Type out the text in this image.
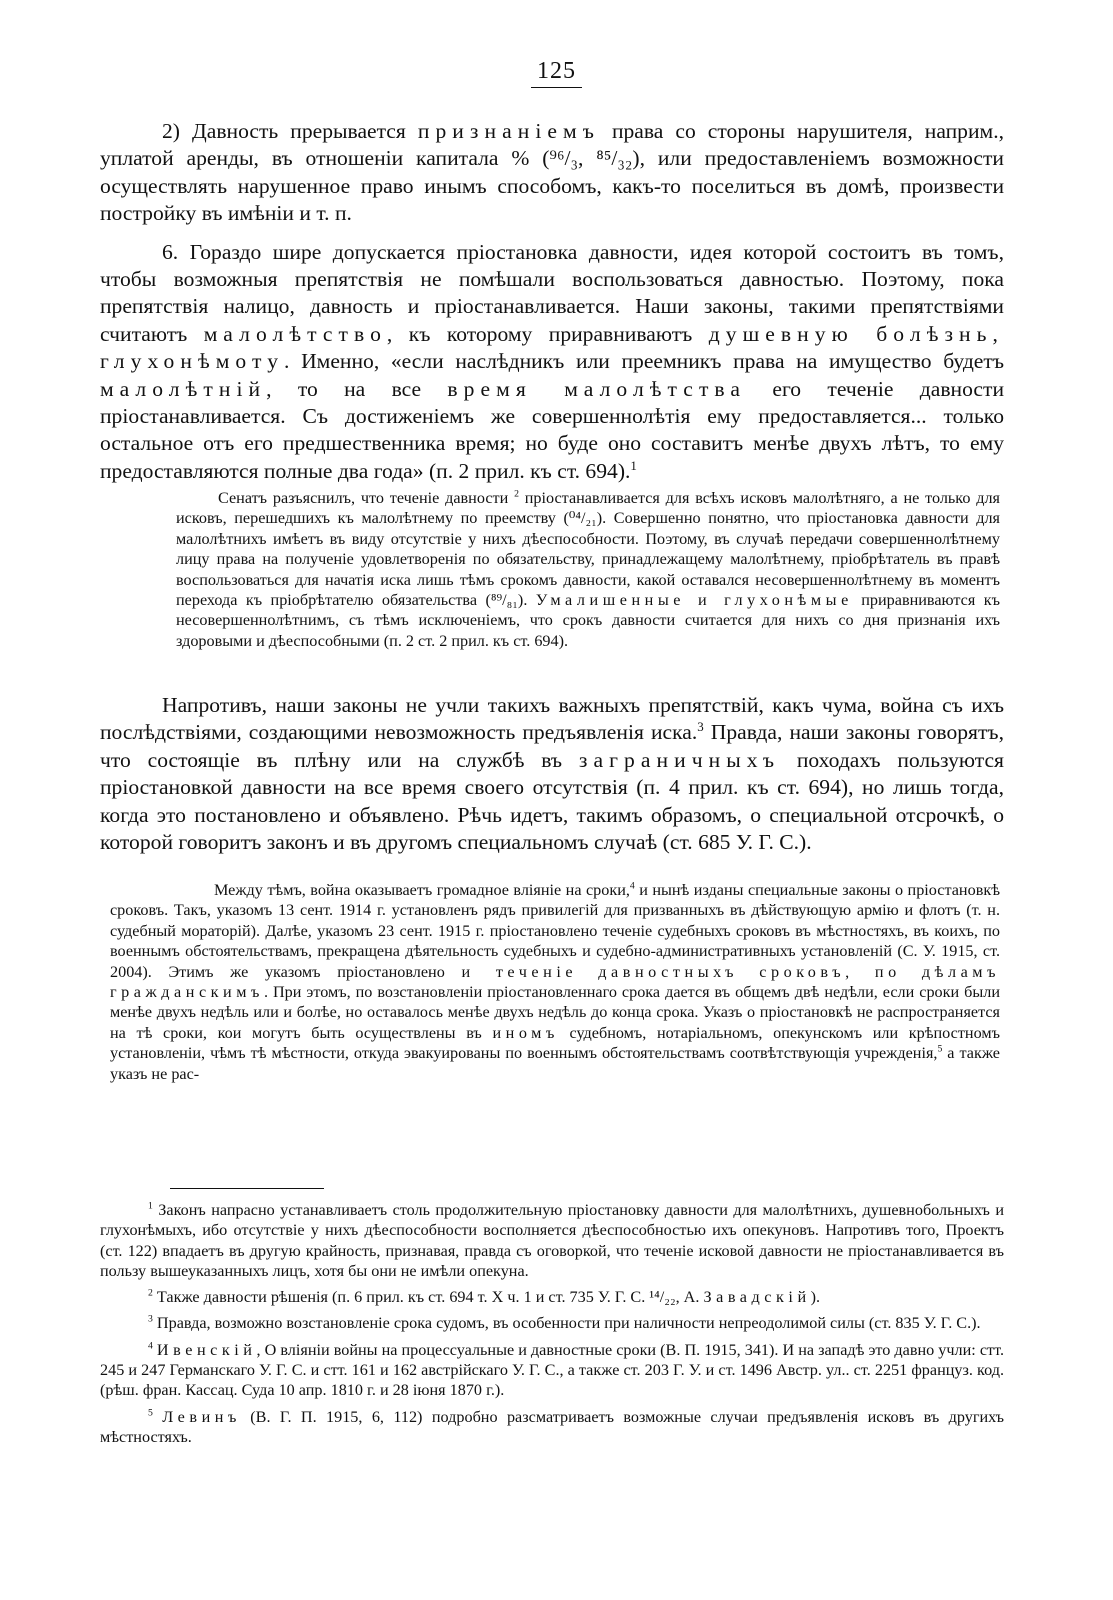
125

2) Давность прерывается признаніемъ права со стороны нарушителя, наприм., уплатой аренды, въ отношеніи капитала % (⁹⁶/₃, ⁸⁵/₃₂), или предоставленіемъ возможности осуществлять нарушенное право инымъ способомъ, какъ-то поселиться въ домѣ, произвести постройку въ имѣніи и т. п.

6. Гораздо шире допускается пріостановка давности, идея которой состоитъ въ томъ, чтобы возможныя препятствія не помѣшали воспользоваться давностью. Поэтому, пока препятствія налицо, давность и пріостанавливается. Наши законы, такими препятствіями считаютъ малолѣтство, къ которому приравниваютъ душевную болѣзнь, глухонѣмоту. Именно, «если наслѣдникъ или преемникъ права на имущество будетъ малолѣтній, то на все время малолѣтства его теченіе давности пріостанавливается. Съ достиженіемъ же совершеннолѣтія ему предоставляется... только остальное отъ его предшественника время; но буде оно составитъ менѣе двухъ лѣтъ, то ему предоставляются полные два года» (п. 2 прил. къ ст. 694).$^1$

Сенатъ разъяснилъ, что теченіе давности $^2$ пріостанавливается для всѣхъ исковъ малолѣтняго, а не только для исковъ, перешедшихъ къ малолѣтнему по преемству (⁰⁴/₂₁). Совершенно понятно, что пріостановка давности для малолѣтнихъ имѣетъ въ виду отсутствіе у нихъ дѣеспособности. Поэтому, въ случаѣ передачи совершеннолѣтнему лицу права на полученіе удовлетворенія по обязательству, принадлежащему малолѣтнему, пріобрѣтатель въ правѣ воспользоваться для начатія иска лишь тѣмъ срокомъ давности, какой оставался несовершеннолѣтнему въ моментъ перехода къ пріобрѣтателю обязательства (⁸⁹/₈₁). Умалишенные и глухонѣмые приравниваются къ несовершеннолѣтнимъ, съ тѣмъ исключеніемъ, что срокъ давности считается для нихъ со дня признанія ихъ здоровыми и дѣеспособными (п. 2 ст. 2 прил. къ ст. 694).

Напротивъ, наши законы не учли такихъ важныхъ препятствій, какъ чума, война съ ихъ послѣдствіями, создающими невозможность предъявленія иска.$^3$ Правда, наши законы говорятъ, что состоящіе въ плѣну или на службѣ въ заграничныхъ походахъ пользуются пріостановкой давности на все время своего отсутствія (п. 4 прил. къ ст. 694), но лишь тогда, когда это постановлено и объявлено. Рѣчь идетъ, такимъ образомъ, о специальной отсрочкѣ, о которой говоритъ законъ и въ другомъ специальномъ случаѣ (ст. 685 У. Г. С.).

Между тѣмъ, война оказываетъ громадное вліяніе на сроки,$^4$ и нынѣ изданы специальные законы о пріостановкѣ сроковъ. Такъ, указомъ 13 сент. 1914 г. установленъ рядъ привилегій для призванныхъ въ дѣйствующую армію и флотъ (т. н. судебный мораторій). Далѣе, указомъ 23 сент. 1915 г. пріостановлено теченіе судебныхъ сроковъ въ мѣстностяхъ, въ коихъ, по военнымъ обстоятельствамъ, прекращена дѣятельность судебныхъ и судебно-административныхъ установленій (С. У. 1915, ст. 2004). Этимъ же указомъ пріостановлено и теченіе давностныхъ сроковъ, по дѣламъ гражданскимъ. При этомъ, по возстановленіи пріостановленнаго срока дается въ общемъ двѣ недѣли, если сроки были менѣе двухъ недѣль или и болѣе, но оставалось менѣе двухъ недѣль до конца срока. Указъ о пріостановкѣ не распространяется на тѣ сроки, кои могутъ быть осуществлены въ иномъ судебномъ, нотаріальномъ, опекунскомъ или крѣпостномъ установленіи, чѣмъ тѣ мѣстности, откуда эвакуированы по военнымъ обстоятельствамъ соотвѣтствующія учрежденія,$^5$ а также указъ не рас-

$^1$ Законъ напрасно устанавливаетъ столь продолжительную пріостановку давности для малолѣтнихъ, душевнобольныхъ и глухонѣмыхъ, ибо отсутствіе у нихъ дѣеспособности восполняется дѣеспособностью ихъ опекуновъ. Напротивъ того, Проектъ (ст. 122) впадаетъ въ другую крайность, признавая, правда съ оговоркой, что теченіе исковой давности не пріостанавливается въ пользу вышеуказанныхъ лицъ, хотя бы они не имѣли опекуна.

$^2$ Также давности рѣшенія (п. 6 прил. къ ст. 694 т. X ч. 1 и ст. 735 У. Г. С. ¹⁴/₂₂, А. Завадскій).

$^3$ Правда, возможно возстановленіе срока судомъ, въ особенности при наличности непреодолимой силы (ст. 835 У. Г. С.).

$^4$ Ивенскій, О вліяніи войны на процессуальные и давностные сроки (В. П. 1915, 341). И на западѣ это давно учли: стт. 245 и 247 Германскаго У. Г. С. и стт. 161 и 162 австрійскаго У. Г. С., а также ст. 203 Г. У. и ст. 1496 Австр. ул.. ст. 2251 француз. код. (рѣш. фран. Кассац. Суда 10 апр. 1810 г. и 28 іюня 1870 г.).

$^5$ Левинъ (В. Г. П. 1915, 6, 112) подробно разсматриваетъ возможные случаи предъявленія исковъ въ другихъ мѣстностяхъ.
